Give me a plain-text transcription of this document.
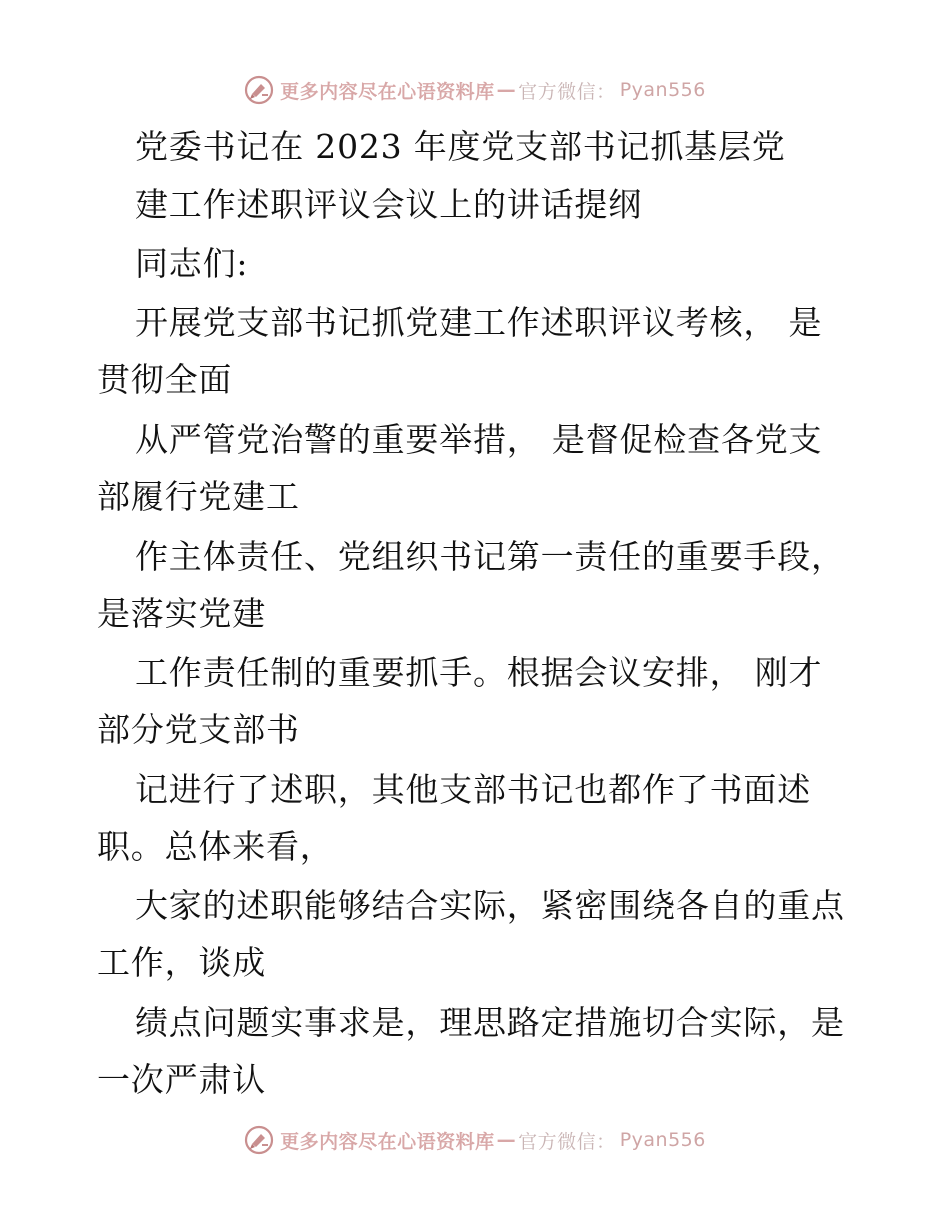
更多内容尽在心语资料库 — 官方微信： Pyan556
党委书记在 2023 年度党支部书记抓基层党
建工作述职评议会议上的讲话提纲
同志们:
开展党支部书记抓党建工作述职评议考核， 是
贯彻全面
从严管党治警的重要举措， 是督促检查各党支
部履行党建工
作主体责任、党组织书记第一责任的重要手段，
是落实党建
工作责任制的重要抓手。根据会议安排， 刚才
部分党支部书
记进行了述职，其他支部书记也都作了书面述
职。总体来看，
大家的述职能够结合实际，紧密围绕各自的重点
工作，谈成
绩点问题实事求是，理思路定措施切合实际，是
一次严肃认
更多内容尽在心语资料库 — 官方微信： Pyan556
